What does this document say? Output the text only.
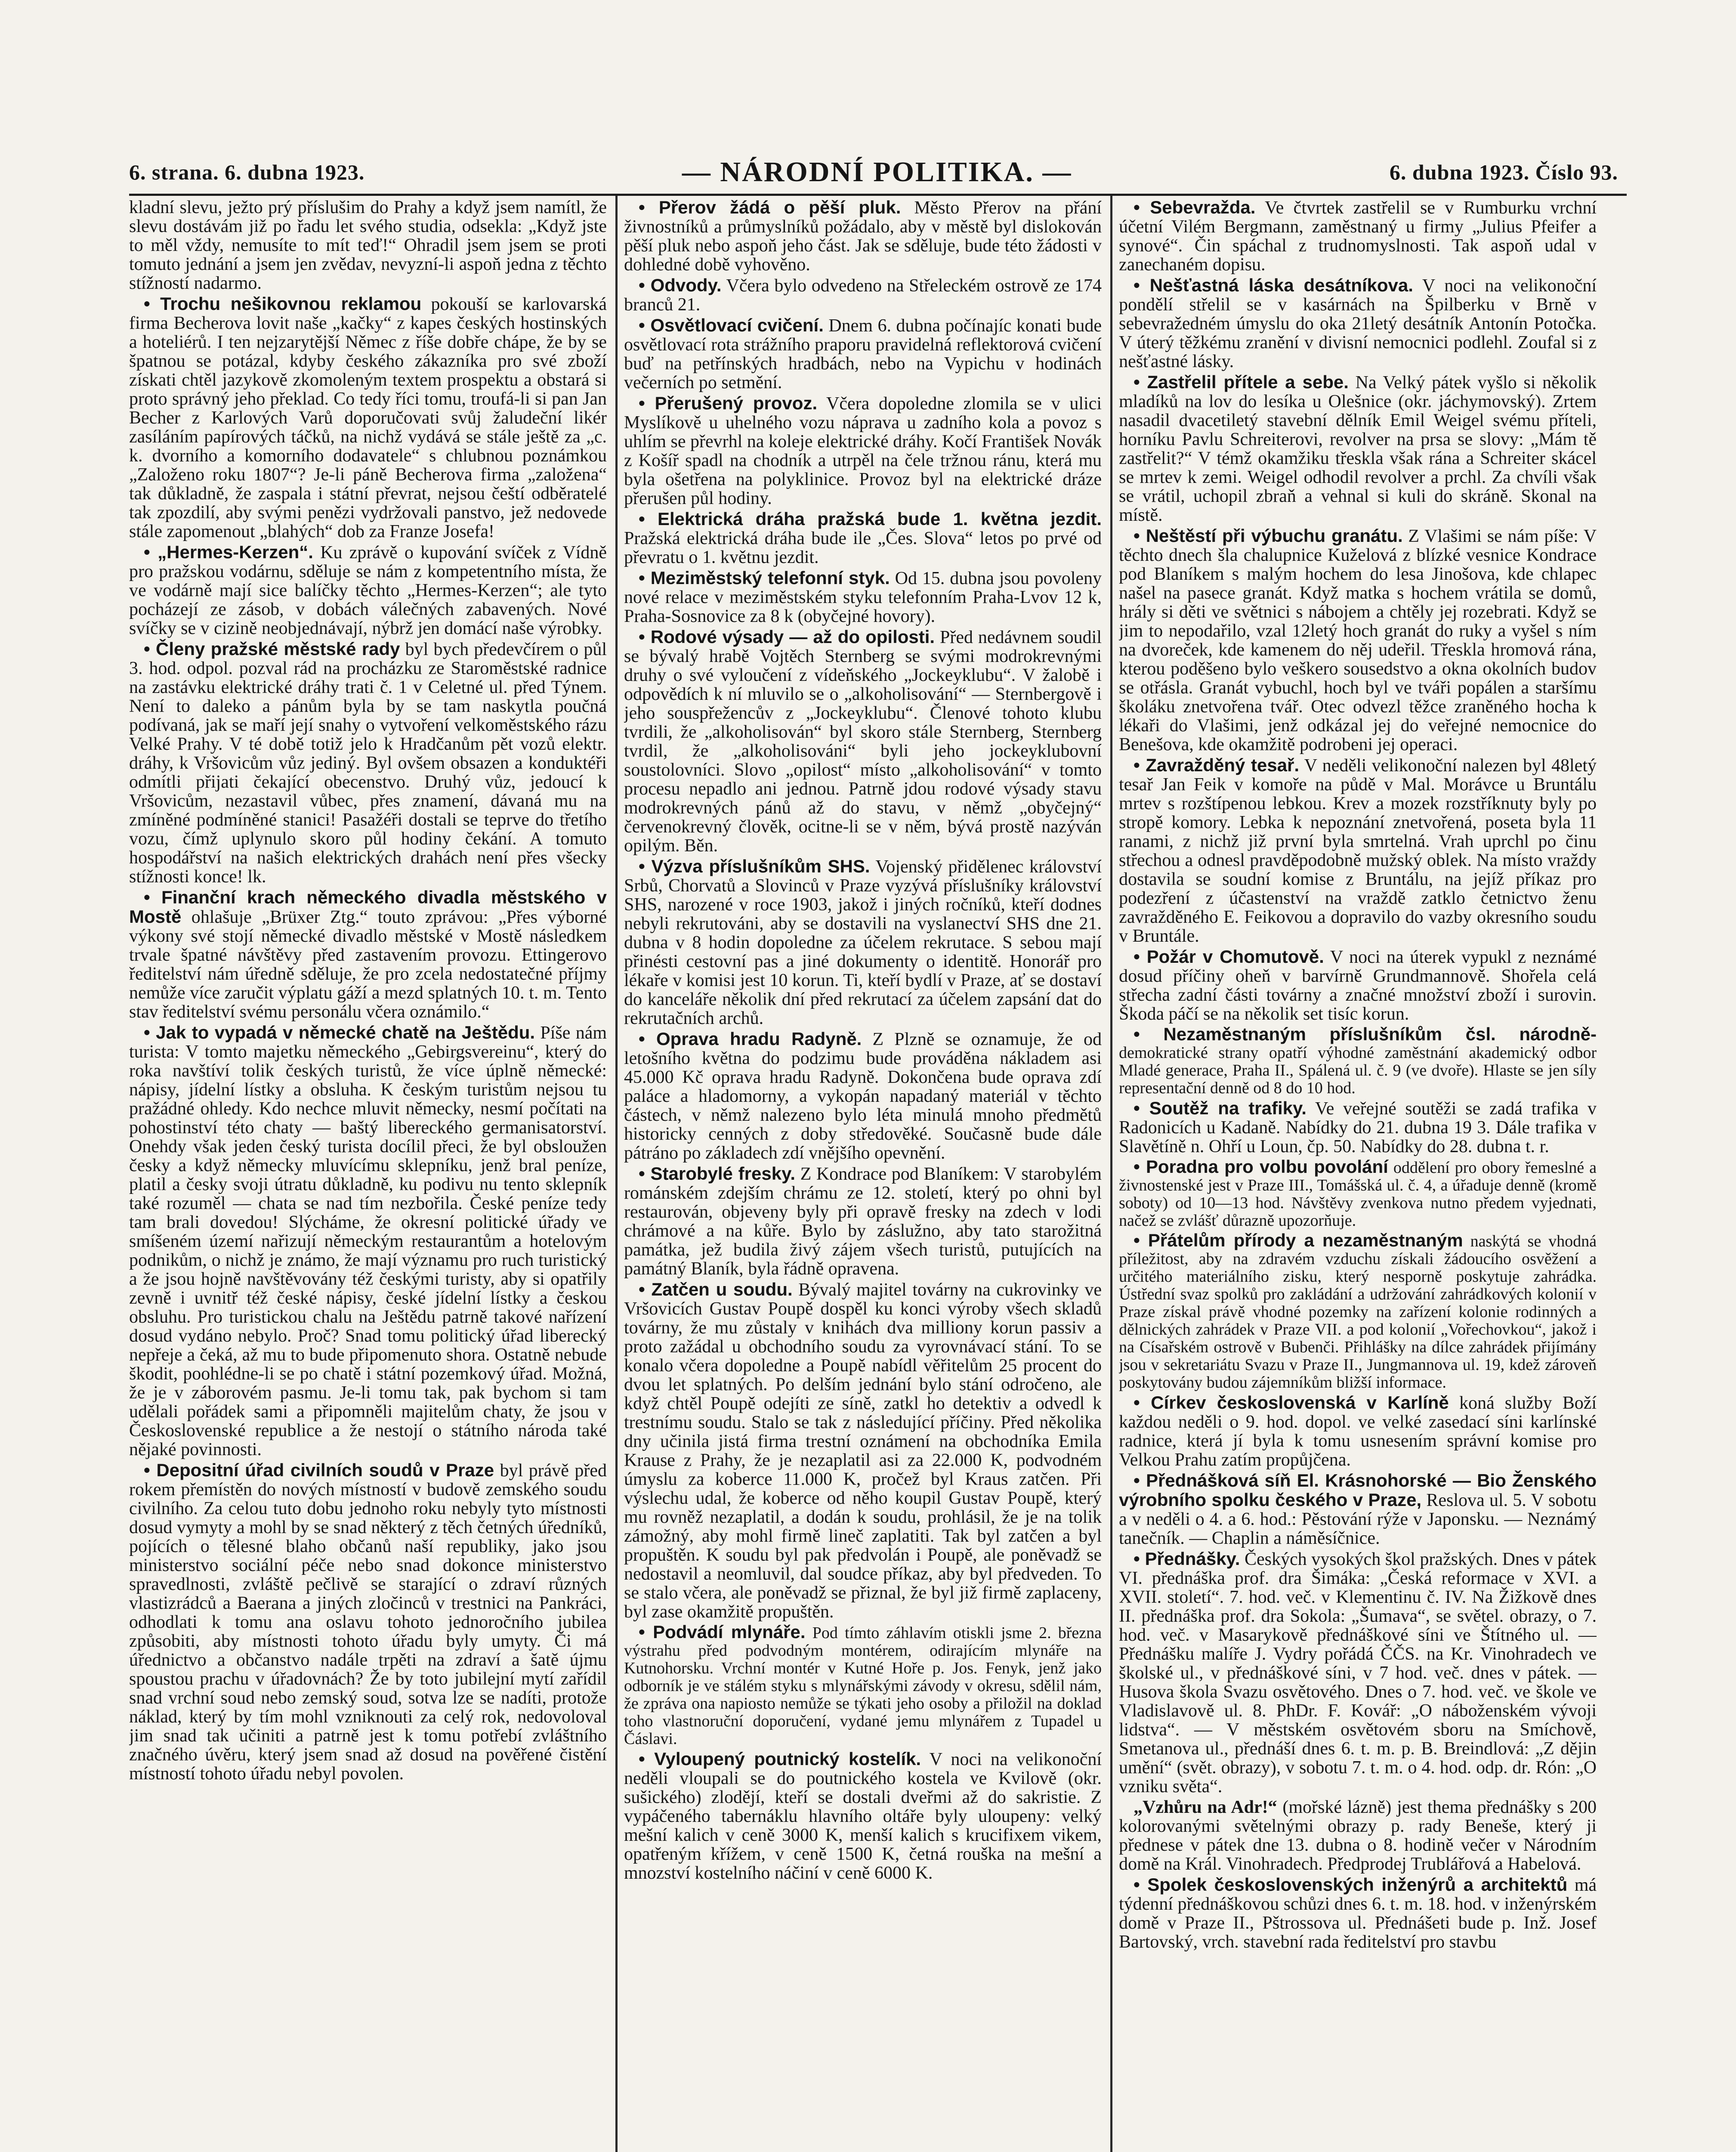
6. strana. 6. dubna 1923.	— NÁRODNÍ POLITIKA. —	6. dubna 1923. Číslo 93.

kladní slevu, ježto prý příslušim do Prahy a když jsem namítl, že slevu dostávám již po řadu let svého studia, odsekla: „Když jste to měl vždy, nemusíte to mít teď!“ Ohradil jsem jsem se proti tomuto jednání a jsem jen zvědav, nevyzní-li aspoň jedna z těchto stížností nadarmo.

• Trochu nešikovnou reklamou pokouší se karlovarská firma Becherova lovit naše „kačky“ z kapes českých hostinských a hoteliérů. I ten nejzarytější Němec z říše dobře chápe, že by se špatnou se potázal, kdyby českého zákazníka pro své zboží získati chtěl jazykově zkomoleným textem prospektu a obstará si proto správný jeho překlad. Co tedy říci tomu, troufá-li si pan Jan Becher z Karlových Varů doporučovati svůj žaludeční likér zasíláním papírových táčků, na nichž vydává se stále ještě za „c. k. dvorního a komorního dodavatele“ s chlubnou poznámkou „Založeno roku 1807“? Je-li páně Becherova firma „založena“ tak důkladně, že zaspala i státní převrat, nejsou čeští odběratelé tak zpozdilí, aby svými penězi vydržovali panstvo, jež nedovede stále zapomenout „blahých“ dob za Franze Josefa!

• „Hermes-Kerzen“. Ku zprávě o kupování svíček z Vídně pro pražskou vodárnu, sděluje se nám z kompetentního místa, že ve vodárně mají sice balíčky těchto „Hermes-Kerzen“; ale tyto pocházejí ze zásob, v dobách válečných zabavených. Nové svíčky se v cizině neobjednávají, nýbrž jen domácí naše výrobky.

• Členy pražské městské rady byl bych předevčírem o půl 3. hod. odpol. pozval rád na procházku ze Staroměstské radnice na zastávku elektrické dráhy trati č. 1 v Celetné ul. před Týnem. Není to daleko a pánům byla by se tam naskytla poučná podívaná, jak se maří její snahy o vytvoření velkoměstského rázu Velké Prahy. V té době totiž jelo k Hradčanům pět vozů elektr. dráhy, k Vršovicům vůz jediný. Byl ovšem obsazen a konduktéři odmítli přijati čekající obecenstvo. Druhý vůz, jedoucí k Vršovicům, nezastavil vůbec, přes znamení, dávaná mu na zmíněné podmíněné stanici! Pasažéři dostali se teprve do třetího vozu, čímž uplynulo skoro půl hodiny čekání. A tomuto hospodářství na našich elektrických drahách není přes všecky stížnosti konce! lk.

• Finanční krach německého divadla městského v Mostě ohlašuje „Brüxer Ztg.“ touto zprávou: „Přes výborné výkony své stojí německé divadlo městské v Mostě následkem trvale špatné návštěvy před zastavením provozu. Ettingerovo ředitelství nám úředně sděluje, že pro zcela nedostatečné příjmy nemůže více zaručit výplatu gáží a mezd splatných 10. t. m. Tento stav ředitelství svému personálu včera oznámilo.“

• Jak to vypadá v německé chatě na Ještědu. Píše nám turista: V tomto majetku německého „Gebirgsvereinu“, který do roka navštíví tolik českých turistů, že více úplně německé: nápisy, jídelní lístky a obsluha. K českým turistům nejsou tu pražádné ohledy. Kdo nechce mluvit německy, nesmí počítati na pohostinství této chaty — baštý libereckého germanisatorství. Onehdy však jeden český turista docílil přeci, že byl obsloužen česky a když německy mluvícímu sklepníku, jenž bral peníze, platil a česky svoji útratu důkladně, ku podivu nu tento sklepník také rozuměl — chata se nad tím nezbořila. České peníze tedy tam brali dovedou! Slýcháme, že okresní politické úřady ve smíšeném území nařizují německým restaurantům a hotelovým podnikům, o nichž je známo, že mají významu pro ruch turistický a že jsou hojně navštěvovány též českými turisty, aby si opatřily zevně i uvnitř též české nápisy, české jídelní lístky a českou obsluhu. Pro turistickou chalu na Ještědu patrně takové nařízení dosud vydáno nebylo. Proč? Snad tomu politický úřad liberecký nepřeje a čeká, až mu to bude připomenuto shora. Ostatně nebude škodit, poohlédne-li se po chatě i státní pozemkový úřad. Možná, že je v záborovém pasmu. Je-li tomu tak, pak bychom si tam udělali pořádek sami a připomněli majitelům chaty, že jsou v Československé republice a že nestojí o státního národa také nějaké povinnosti.

• Depositní úřad civilních soudů v Praze byl právě před rokem přemístěn do nových místností v budově zemského soudu civilního. Za celou tuto dobu jednoho roku nebyly tyto místnosti dosud vymyty a mohl by se snad některý z těch četných úředníků, pojících o tělesné blaho občanů naší republiky, jako jsou ministerstvo sociální péče nebo snad dokonce ministerstvo spravedlnosti, zvláště pečlivě se starající o zdraví různých vlastizrádců a Baerana a jiných zločinců v trestnici na Pankráci, odhodlati k tomu ana oslavu tohoto jednoročního jubilea způsobiti, aby místnosti tohoto úřadu byly umyty. Či má úřednictvo a občanstvo nadále trpěti na zdraví a šatě újmu spoustou prachu v úřadovnách? Že by toto jubilejní mytí zařídil snad vrchní soud nebo zemský soud, sotva lze se nadíti, protože náklad, který by tím mohl vzniknouti za celý rok, nedovoloval jim snad tak učiniti a patrně jest k tomu potřebí zvláštního značného úvěru, který jsem snad až dosud na pověřené čistění místností tohoto úřadu nebyl povolen.

• Přerov žádá o pěší pluk. Město Přerov na přání živnostníků a průmyslníků požádalo, aby v městě byl dislokován pěší pluk nebo aspoň jeho část. Jak se sděluje, bude této žádosti v dohledné době vyhověno.

• Odvody. Včera bylo odvedeno na Střeleckém ostrově ze 174 branců 21.

• Osvětlovací cvičení. Dnem 6. dubna počínajíc konati bude osvětlovací rota strážního praporu pravidelná reflektorová cvičení buď na petřínských hradbách, nebo na Vypichu v hodinách večerních po setmění.

• Přerušený provoz. Včera dopoledne zlomila se v ulici Myslíkově u uhelného vozu náprava u zadního kola a povoz s uhlím se převrhl na koleje elektrické dráhy. Kočí František Novák z Košíř spadl na chodník a utrpěl na čele tržnou ránu, která mu byla ošetřena na polyklinice. Provoz byl na elektrické dráze přerušen půl hodiny.

• Elektrická dráha pražská bude 1. května jezdit. Pražská elektrická dráha bude ile „Čes. Slova“ letos po prvé od převratu o 1. květnu jezdit.

• Meziměstský telefonní styk. Od 15. dubna jsou povoleny nové relace v meziměstském styku telefonním Praha-Lvov 12 k, Praha-Sosnovice za 8 k (obyčejné hovory).

• Rodové výsady — až do opilosti. Před nedávnem soudil se bývalý hrabě Vojtěch Sternberg se svými modrokrevnými druhy o své vyloučení z vídeňského „Jockeyklubu“. V žalobě i odpovědích k ní mluvilo se o „alkoholisování“ — Sternbergově i jeho souspřežencův z „Jockeyklubu“. Členové tohoto klubu tvrdili, že „alkoholisován“ byl skoro stále Sternberg, Sternberg tvrdil, že „alkoholisováni“ byli jeho jockeyklubovní soustolovníci. Slovo „opilost“ místo „alkoholisování“ v tomto procesu nepadlo ani jednou. Patrně jdou rodové výsady stavu modrokrevných pánů až do stavu, v němž „obyčejný“ červenokrevný člověk, ocitne-li se v něm, bývá prostě nazýván opilým. Běn.

• Výzva příslušníkům SHS. Vojenský přidělenec království Srbů, Chorvatů a Slovinců v Praze vyzývá příslušníky království SHS, narozené v roce 1903, jakož i jiných ročníků, kteří dodnes nebyli rekrutováni, aby se dostavili na vyslanectví SHS dne 21. dubna v 8 hodin dopoledne za účelem rekrutace. S sebou mají přinésti cestovní pas a jiné dokumenty o identitě. Honorář pro lékaře v komisi jest 10 korun. Ti, kteří bydlí v Praze, ať se dostaví do kanceláře několik dní před rekrutací za účelem zapsání dat do rekrutačních archů.

• Oprava hradu Radyně. Z Plzně se oznamuje, že od letošního května do podzimu bude prováděna nákladem asi 45.000 Kč oprava hradu Radyně. Dokončena bude oprava zdí paláce a hladomorny, a vykopán napadaný materiál v těchto částech, v němž nalezeno bylo léta minulá mnoho předmětů historicky cenných z doby středověké. Současně bude dále pátráno po základech zdí vnějšího opevnění.

• Starobylé fresky. Z Kondrace pod Blaníkem: V starobylém románském zdejším chrámu ze 12. století, který po ohni byl restaurován, objeveny byly při opravě fresky na zdech v lodi chrámové a na kůře. Bylo by záslužno, aby tato starožitná památka, jež budila živý zájem všech turistů, putujících na památný Blaník, byla řádně opravena.

• Zatčen u soudu. Bývalý majitel továrny na cukrovinky ve Vršovicích Gustav Poupě dospěl ku konci výroby všech skladů továrny, že mu zůstaly v knihách dva milliony korun passiv a proto zažádal u obchodního soudu za vyrovnávací stání. To se konalo včera dopoledne a Poupě nabídl věřitelům 25 procent do dvou let splatných. Po delším jednání bylo stání odročeno, ale když chtěl Poupě odejíti ze síně, zatkl ho detektiv a odvedl k trestnímu soudu. Stalo se tak z následující příčiny. Před několika dny učinila jistá firma trestní oznámení na obchodníka Emila Krause z Prahy, že je nezaplatil asi za 22.000 K, podvodném úmyslu za koberce 11.000 K, pročež byl Kraus zatčen. Při výslechu udal, že koberce od něho koupil Gustav Poupě, který mu rovněž nezaplatil, a dodán k soudu, prohlásil, že je na tolik zámožný, aby mohl firmě lineč zaplatiti. Tak byl zatčen a byl propuštěn. K soudu byl pak předvolán i Poupě, ale poněvadž se nedostavil a neomluvil, dal soudce příkaz, aby byl předveden. To se stalo včera, ale poněvadž se přiznal, že byl již firmě zaplaceny, byl zase okamžitě propuštěn.

• Podvádí mlynáře. Pod tímto záhlavím otiskli jsme 2. března výstrahu před podvodným montérem, odirajícím mlynáře na Kutnohorsku. Vrchní montér v Kutné Hoře p. Jos. Fenyk, jenž jako odborník je ve stálém styku s mlynářskými závody v okresu, sdělil nám, že zpráva ona napiosto nemůže se týkati jeho osoby a přiložil na doklad toho vlastnoruční doporučení, vydané jemu mlynářem z Tupadel u Čáslavi.

• Vyloupený poutnický kostelík. V noci na velikonoční neděli vloupali se do poutnického kostela ve Kvilově (okr. sušického) zlodějí, kteří se dostali dveřmi až do sakristie. Z vypáčeného tabernáklu hlavního oltáře byly uloupeny: velký mešní kalich v ceně 3000 K, menší kalich s krucifixem vikem, opatřeným křížem, v ceně 1500 K, četná rouška na mešní a mnozství kostelního náčiní v ceně 6000 K.

• Sebevražda. Ve čtvrtek zastřelil se v Rumburku vrchní účetní Vilém Bergmann, zaměstnaný u firmy „Julius Pfeifer a synové“. Čin spáchal z trudnomyslnosti. Tak aspoň udal v zanechaném dopisu.

• Nešťastná láska desátníkova. V noci na velikonoční pondělí střelil se v kasárnách na Špilberku v Brně v sebevražedném úmyslu do oka 21letý desátník Antonín Potočka. V úterý těžkému zranění v divisní nemocnici podlehl. Zoufal si z nešťastné lásky.

• Zastřelil přítele a sebe. Na Velký pátek vyšlo si několik mladíků na lov do lesíka u Olešnice (okr. jáchymovský). Zrtem nasadil dvacetiletý stavební dělník Emil Weigel svému příteli, horníku Pavlu Schreiterovi, revolver na prsa se slovy: „Mám tě zastřelit?“ V témž okamžiku třeskla však rána a Schreiter skácel se mrtev k zemi. Weigel odhodil revolver a prchl. Za chvíli však se vrátil, uchopil zbraň a vehnal si kuli do skráně. Skonal na místě.

• Neštěstí při výbuchu granátu. Z Vlašimi se nám píše: V těchto dnech šla chalupnice Kuželová z blízké vesnice Kondrace pod Blaníkem s malým hochem do lesa Jinošova, kde chlapec našel na pasece granát. Když matka s hochem vrátila se domů, hrály si děti ve světnici s nábojem a chtěly jej rozebrati. Když se jim to nepodařilo, vzal 12letý hoch granát do ruky a vyšel s ním na dvoreček, kde kamenem do něj udeřil. Třeskla hromová rána, kterou poděšeno bylo veškero sousedstvo a okna okolních budov se otřásla. Granát vybuchl, hoch byl ve tváři popálen a staršímu školáku znetvořena tvář. Otec odvezl těžce zraněného hocha k lékaři do Vlašimi, jenž odkázal jej do veřejné nemocnice do Benešova, kde okamžitě podrobeni jej operaci.

• Zavražděný tesař. V neděli velikonoční nalezen byl 48letý tesař Jan Feik v komoře na půdě v Mal. Morávce u Bruntálu mrtev s rozštípenou lebkou. Krev a mozek rozstříknuty byly po stropě komory. Lebka k nepoznání znetvořená, poseta byla 11 ranami, z nichž již první byla smrtelná. Vrah uprchl po činu střechou a odnesl pravděpodobně mužský oblek. Na místo vraždy dostavila se soudní komise z Bruntálu, na jejíž příkaz pro podezření z účastenství na vraždě zatklo četnictvo ženu zavražděného E. Feikovou a dopravilo do vazby okresního soudu v Bruntále.

• Požár v Chomutově. V noci na úterek vypukl z neznámé dosud příčiny oheň v barvírně Grundmannově. Shořela celá střecha zadní části továrny a značné množství zboží i surovin. Škoda páčí se na několik set tisíc korun.

• Nezaměstnaným příslušníkům čsl. národně- demokratické strany opatří výhodné zaměstnání akademický odbor Mladé generace, Praha II., Spálená ul. č. 9 (ve dvoře). Hlaste se jen síly representační denně od 8 do 10 hod.

• Soutěž na trafiky. Ve veřejné soutěži se zadá trafika v Radonicích u Kadaně. Nabídky do 21. dubna 19 3. Dále trafika v Slavětíně n. Ohří u Loun, čp. 50. Nabídky do 28. dubna t. r.

• Poradna pro volbu povolání oddělení pro obory řemeslné a živnostenské jest v Praze III., Tomášská ul. č. 4, a úřaduje denně (kromě soboty) od 10—13 hod. Návštěvy zvenkova nutno předem vyjednati, načež se zvlášť důrazně upozorňuje.

• Přátelům přírody a nezaměstnaným naskýtá se vhodná příležitost, aby na zdravém vzduchu získali žádoucího osvěžení a určitého materiálního zisku, který nesporně poskytuje zahrádka. Ústřední svaz spolků pro zakládání a udržování zahrádkových kolonií v Praze získal právě vhodné pozemky na zařízení kolonie rodinných a dělnických zahrádek v Praze VII. a pod kolonií „Vořechovkou“, jakož i na Císařském ostrově v Bubenči. Přihlášky na dílce zahrádek přijímány jsou v sekretariátu Svazu v Praze II., Jungmannova ul. 19, kdež zároveň poskytovány budou zájemníkům bližší informace.

• Církev československá v Karlíně koná služby Boží každou neděli o 9. hod. dopol. ve velké zasedací síni karlínské radnice, která jí byla k tomu usnesením správní komise pro Velkou Prahu zatím propůjčena.

• Přednášková síň El. Krásnohorské — Bio Ženského výrobního spolku českého v Praze, Reslova ul. 5. V sobotu a v neděli o 4. a 6. hod.: Pěstování rýže v Japonsku. — Neznámý tanečník. — Chaplin a náměsíčnice.

• Přednášky. Českých vysokých škol pražských. Dnes v pátek VI. přednáška prof. dra Šimáka: „Česká reformace v XVI. a XVII. století“. 7. hod. več. v Klementinu č. IV. Na Žižkově dnes II. přednáška prof. dra Sokola: „Šumava“, se světel. obrazy, o 7. hod. več. v Masarykově přednáškové síni ve Štítného ul. — Přednášku malíře J. Vydry pořádá ČČS. na Kr. Vinohradech ve školské ul., v přednáškové síni, v 7 hod. več. dnes v pátek. — Husova škola Svazu osvětového. Dnes o 7. hod. več. ve škole ve Vladislavově ul. 8. PhDr. F. Kovář: „O náboženském vývoji lidstva“. — V městském osvětovém sboru na Smíchově, Smetanova ul., přednáší dnes 6. t. m. p. B. Breindlová: „Z dějin umění“ (svět. obrazy), v sobotu 7. t. m. o 4. hod. odp. dr. Rón: „O vzniku světa“.

„Vzhůru na Adr!“ (mořské lázně) jest thema přednášky s 200 kolorovanými světelnými obrazy p. rady Beneše, který ji přednese v pátek dne 13. dubna o 8. hodině večer v Národním domě na Král. Vinohradech. Předprodej Trublářová a Habelová.

• Spolek československých inženýrů a architektů má týdenní přednáškovou schůzi dnes 6. t. m. 18. hod. v inženýrském domě v Praze II., Pštrossova ul. Přednášeti bude p. Inž. Josef Bartovský, vrch. stavební rada ředitelství pro stavbu
